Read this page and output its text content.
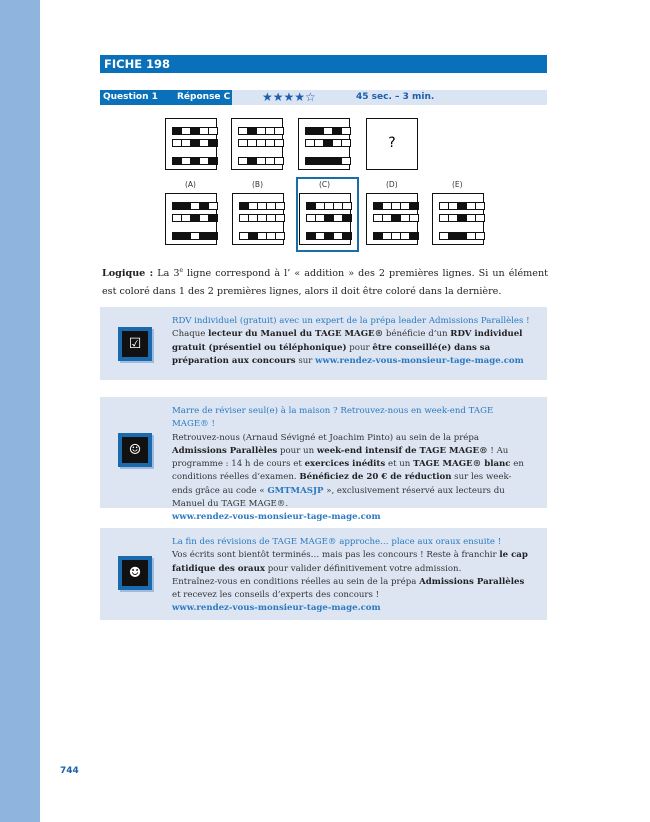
FICHE 198
Question 1 Réponse C	★★★★☆	45 sec. – 3 min.
?
(A)	(B)	(C)	(D)	(E)
Logique : La 3e ligne correspond à l’ « addition » des 2 premières lignes. Si un élément est coloré dans 1 des 2 premières lignes, alors il doit être coloré dans la dernière.
☑
RDV individuel (gratuit) avec un expert de la prépa leader Admissions Parallèles !
Chaque lecteur du Manuel du TAGE MAGE® bénéficie d’un RDV individuel gratuit (présentiel ou téléphonique) pour être conseillé(e) dans sa préparation aux concours sur www.rendez-vous-monsieur-tage-mage.com
☺
Marre de réviser seul(e) à la maison ? Retrouvez-nous en week-end TAGE MAGE® !
Retrouvez-nous (Arnaud Sévigné et Joachim Pinto) au sein de la prépa Admissions Parallèles pour un week-end intensif de TAGE MAGE® ! Au programme : 14 h de cours et exercices inédits et un TAGE MAGE® blanc en conditions réelles d’examen. Bénéficiez de 20 € de réduction sur les week-ends grâce au code « GMTMASJP », exclusivement réservé aux lecteurs du Manuel du TAGE MAGE®.
www.rendez-vous-monsieur-tage-mage.com
☻
La fin des révisions de TAGE MAGE® approche… place aux oraux ensuite !
Vos écrits sont bientôt terminés… mais pas les concours ! Reste à franchir le cap fatidique des oraux pour valider définitivement votre admission.
Entraînez-vous en conditions réelles au sein de la prépa Admissions Parallèles et recevez les conseils d’experts des concours !
www.rendez-vous-monsieur-tage-mage.com
744
